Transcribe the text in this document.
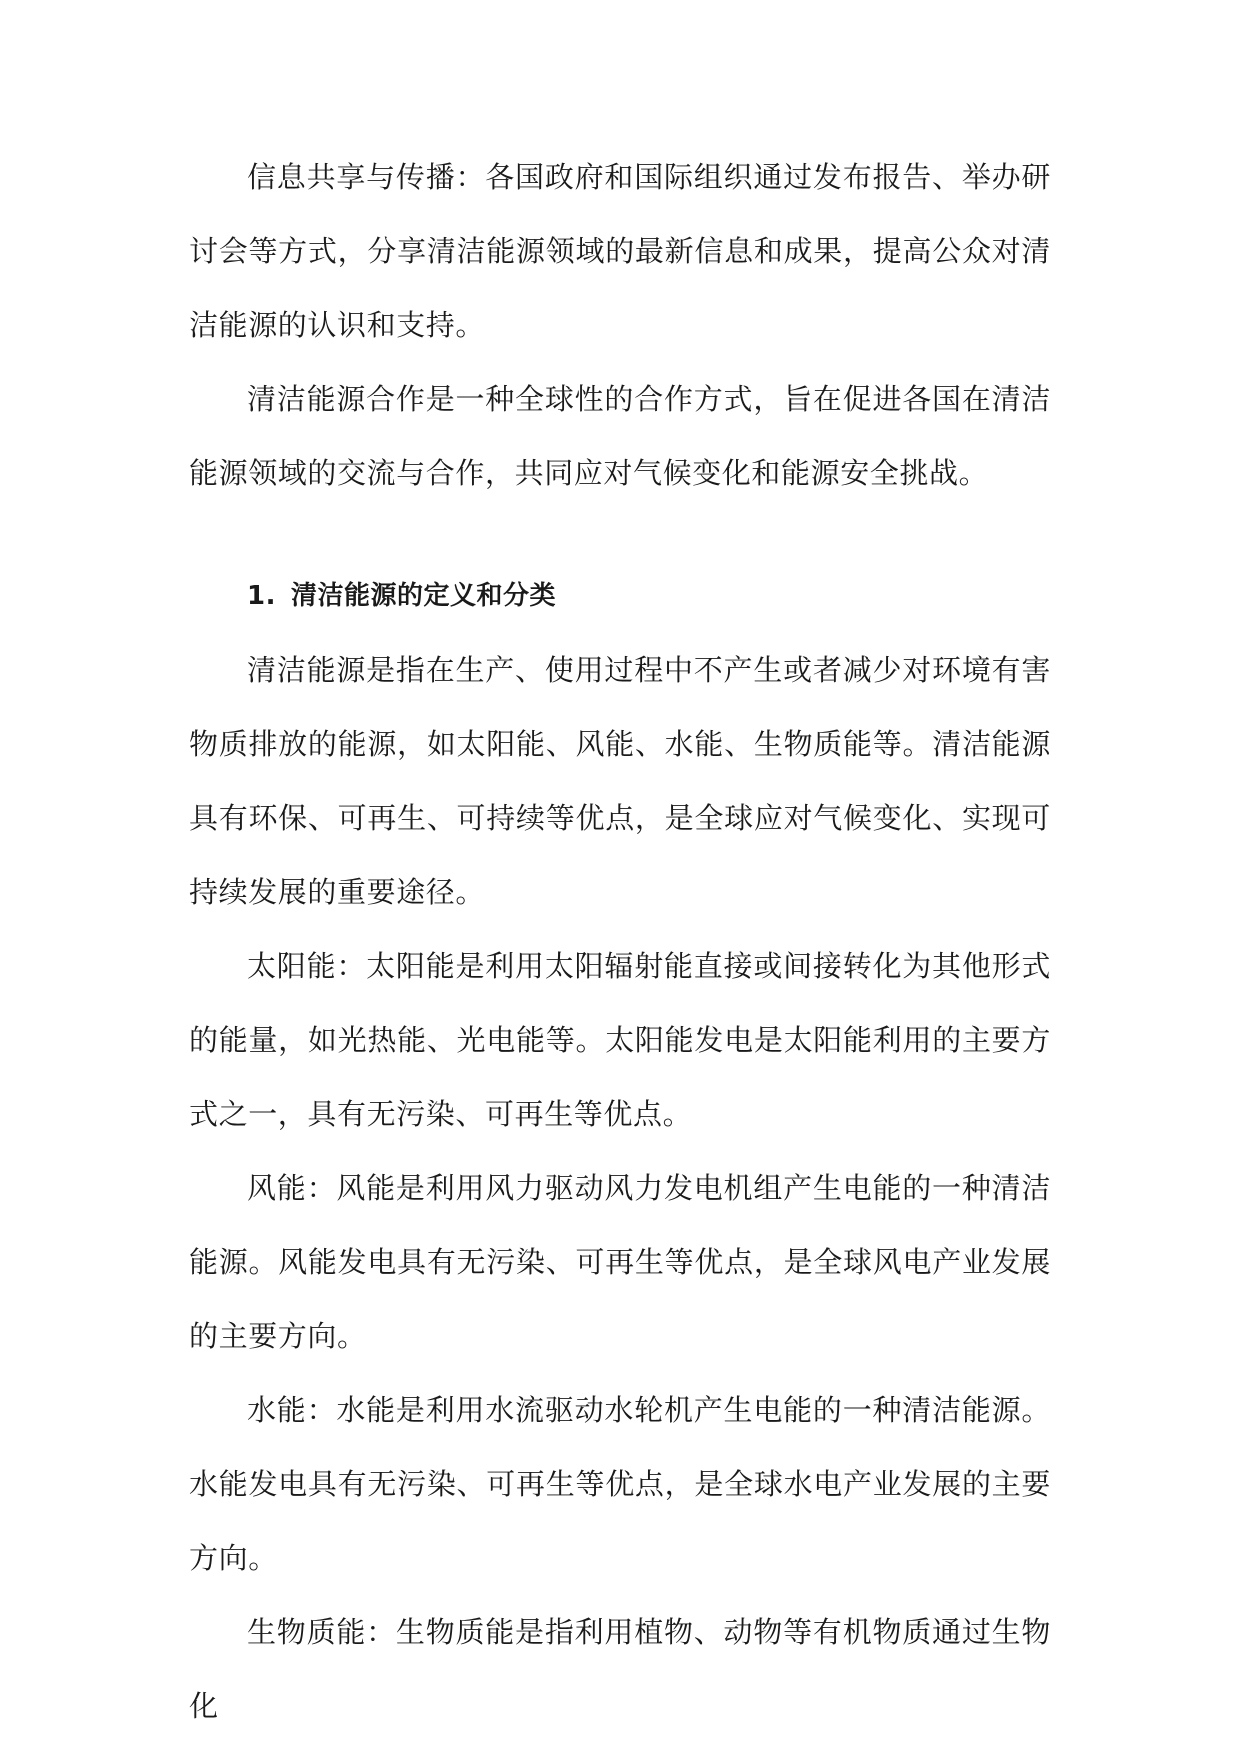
信息共享与传播：各国政府和国际组织通过发布报告、举办研讨会等方式，分享清洁能源领域的最新信息和成果，提高公众对清洁能源的认识和支持。

清洁能源合作是一种全球性的合作方式，旨在促进各国在清洁能源领域的交流与合作，共同应对气候变化和能源安全挑战。

1. 清洁能源的定义和分类

清洁能源是指在生产、使用过程中不产生或者减少对环境有害物质排放的能源，如太阳能、风能、水能、生物质能等。清洁能源具有环保、可再生、可持续等优点，是全球应对气候变化、实现可持续发展的重要途径。

太阳能：太阳能是利用太阳辐射能直接或间接转化为其他形式的能量，如光热能、光电能等。太阳能发电是太阳能利用的主要方式之一，具有无污染、可再生等优点。

风能：风能是利用风力驱动风力发电机组产生电能的一种清洁能源。风能发电具有无污染、可再生等优点，是全球风电产业发展的主要方向。

水能：水能是利用水流驱动水轮机产生电能的一种清洁能源。水能发电具有无污染、可再生等优点，是全球水电产业发展的主要方向。

生物质能：生物质能是指利用植物、动物等有机物质通过生物化
